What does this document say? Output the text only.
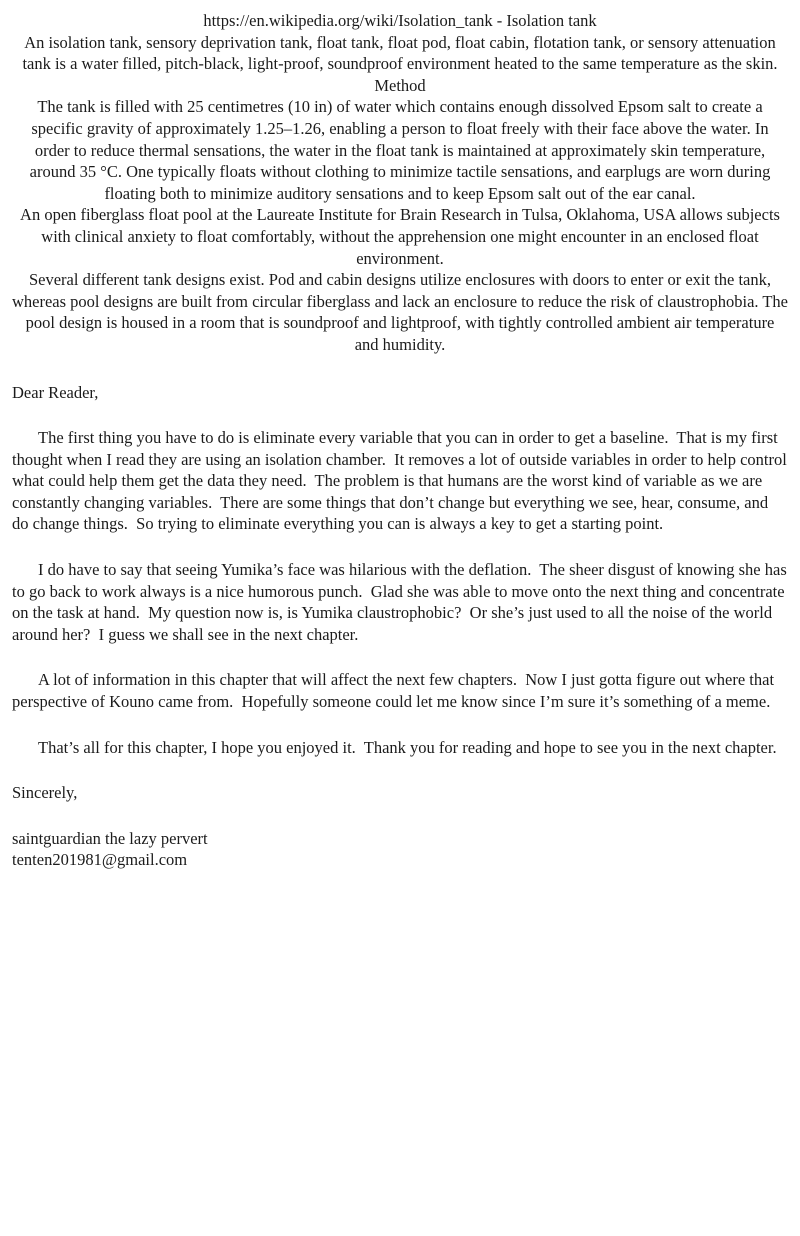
https://en.wikipedia.org/wiki/Isolation_tank - Isolation tank
An isolation tank, sensory deprivation tank, float tank, float pod, float cabin, flotation tank, or sensory attenuation tank is a water filled, pitch-black, light-proof, soundproof environment heated to the same temperature as the skin.
Method
The tank is filled with 25 centimetres (10 in) of water which contains enough dissolved Epsom salt to create a specific gravity of approximately 1.25–1.26, enabling a person to float freely with their face above the water. In order to reduce thermal sensations, the water in the float tank is maintained at approximately skin temperature, around 35 °C. One typically floats without clothing to minimize tactile sensations, and earplugs are worn during floating both to minimize auditory sensations and to keep Epsom salt out of the ear canal.
An open fiberglass float pool at the Laureate Institute for Brain Research in Tulsa, Oklahoma, USA allows subjects with clinical anxiety to float comfortably, without the apprehension one might encounter in an enclosed float environment.
Several different tank designs exist. Pod and cabin designs utilize enclosures with doors to enter or exit the tank, whereas pool designs are built from circular fiberglass and lack an enclosure to reduce the risk of claustrophobia. The pool design is housed in a room that is soundproof and lightproof, with tightly controlled ambient air temperature and humidity.

Dear Reader,

The first thing you have to do is eliminate every variable that you can in order to get a baseline.  That is my first thought when I read they are using an isolation chamber.  It removes a lot of outside variables in order to help control what could help them get the data they need.  The problem is that humans are the worst kind of variable as we are constantly changing variables.  There are some things that don’t change but everything we see, hear, consume, and do change things.  So trying to eliminate everything you can is always a key to get a starting point.

I do have to say that seeing Yumika’s face was hilarious with the deflation.  The sheer disgust of knowing she has to go back to work always is a nice humorous punch.  Glad she was able to move onto the next thing and concentrate on the task at hand.  My question now is, is Yumika claustrophobic?  Or she’s just used to all the noise of the world around her?  I guess we shall see in the next chapter.

A lot of information in this chapter that will affect the next few chapters.  Now I just gotta figure out where that perspective of Kouno came from.  Hopefully someone could let me know since I’m sure it’s something of a meme.

That’s all for this chapter, I hope you enjoyed it.  Thank you for reading and hope to see you in the next chapter.

Sincerely,

saintguardian the lazy pervert
tenten201981@gmail.com
